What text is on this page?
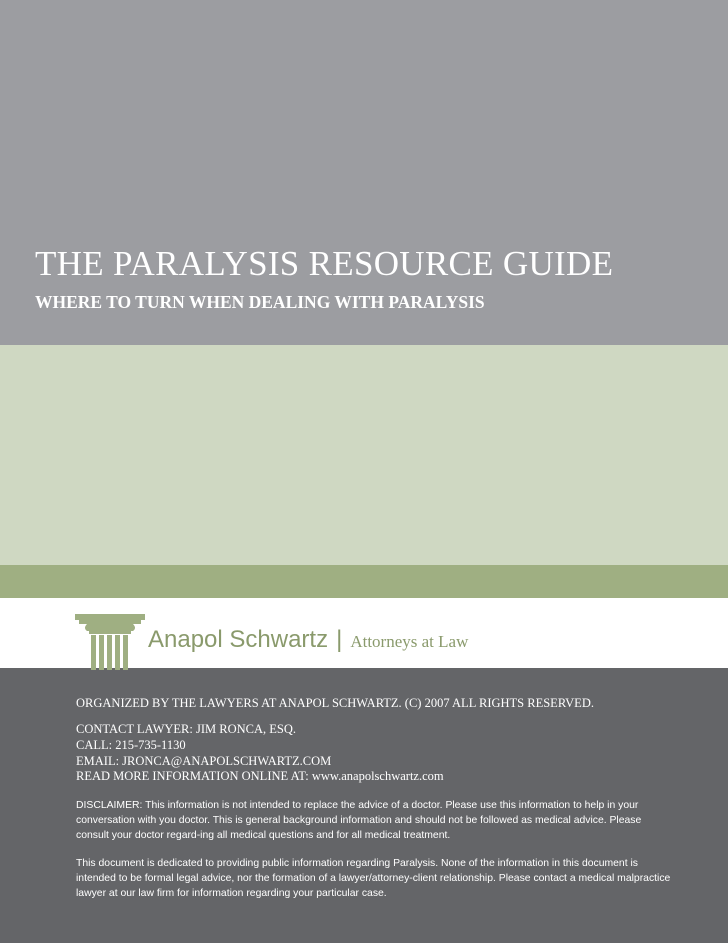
THE PARALYSIS RESOURCE GUIDE
WHERE TO TURN WHEN DEALING WITH PARALYSIS
Anapol Schwartz | Attorneys at Law

ORGANIZED BY THE LAWYERS AT ANAPOL SCHWARTZ. (C) 2007 ALL RIGHTS RESERVED.

CONTACT LAWYER: JIM RONCA, ESQ.

CALL: 215-735-1130

EMAIL: JRONCA@ANAPOLSCHWARTZ.COM

READ MORE INFORMATION ONLINE AT: www.anapolschwartz.com

DISCLAIMER: This information is not intended to replace the advice of a doctor. Please use this information to help in your conversation with you doctor. This is general background information and should not be followed as medical advice. Please consult your doctor regard-ing all medical questions and for all medical treatment.

This document is dedicated to providing public information regarding Paralysis. None of the information in this document is intended to be formal legal advice, nor the formation of a lawyer/attorney-client relationship. Please contact a medical malpractice lawyer at our law firm for information regarding your particular case.
